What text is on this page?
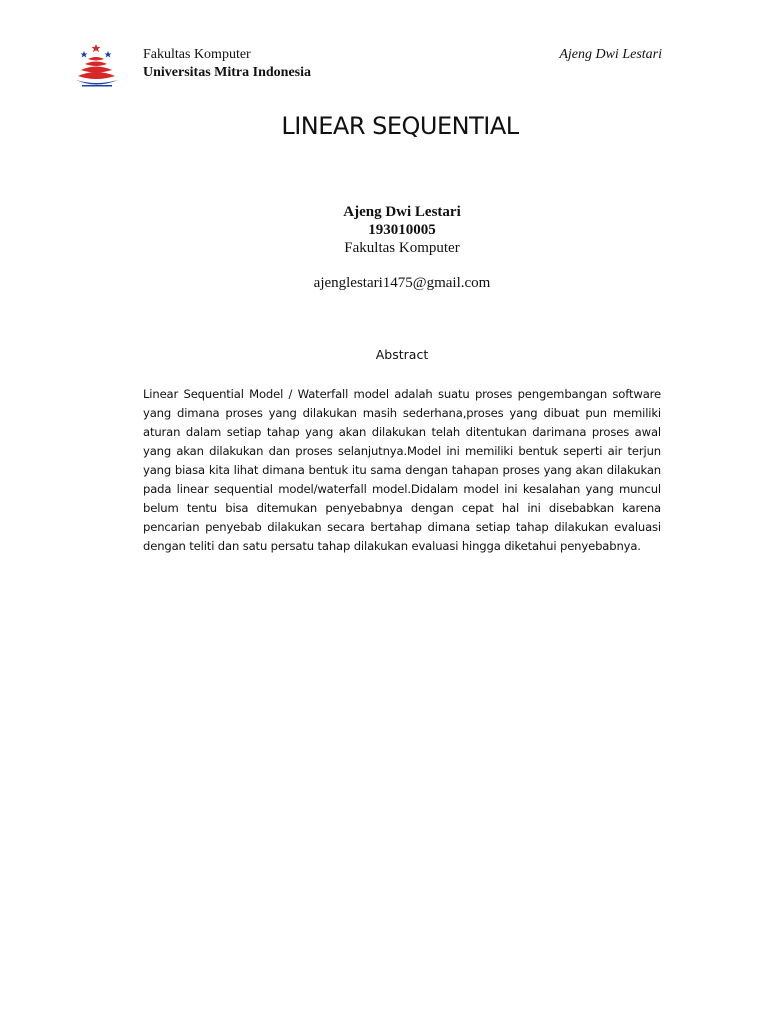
Fakultas Komputer
Universitas Mitra Indonesia
Ajeng Dwi Lestari
LINEAR SEQUENTIAL
Ajeng Dwi Lestari
193010005
Fakultas Komputer
ajenglestari1475@gmail.com
Abstract
Linear Sequential Model / Waterfall model adalah suatu proses pengembangan software yang dimana proses yang dilakukan masih sederhana,proses yang dibuat pun memiliki aturan dalam setiap tahap yang akan dilakukan telah ditentukan darimana proses awal yang akan dilakukan dan proses selanjutnya.Model ini memiliki bentuk seperti air terjun yang biasa kita lihat dimana bentuk itu sama dengan tahapan proses yang akan dilakukan pada linear sequential model/waterfall model.Didalam model ini kesalahan yang muncul belum tentu bisa ditemukan penyebabnya dengan cepat hal ini disebabkan karena pencarian penyebab dilakukan secara bertahap dimana setiap tahap dilakukan evaluasi dengan teliti dan satu persatu tahap dilakukan evaluasi hingga diketahui penyebabnya.
